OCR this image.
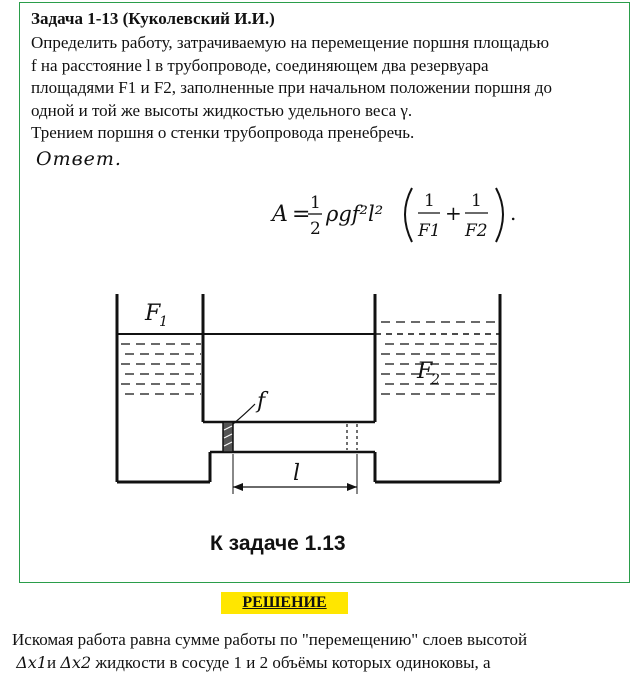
Задача 1-13 (Куколевский И.И.)

Определить работу, затрачиваемую на перемещение поршня площадью

f на расстояние l в трубопроводе, соединяющем два резервуара

площадями F1 и F2, заполненные при начальном положении поршня до

одной и той же высоты жидкостью удельного веса γ.

Трением поршня о стенки трубопровода пренебречь.

Ответ.
A = 1
2
ρgf²l²
1
F1
+ 1
F2
.
F
1
F
2
f
l
К задаче 1.13
РЕШЕНИЕ

Искомая работа равна сумме работы по "перемещению" слоев высотой

Δx1и Δx2 жидкости в сосуде 1 и 2 объёмы которых одиноковы, а
